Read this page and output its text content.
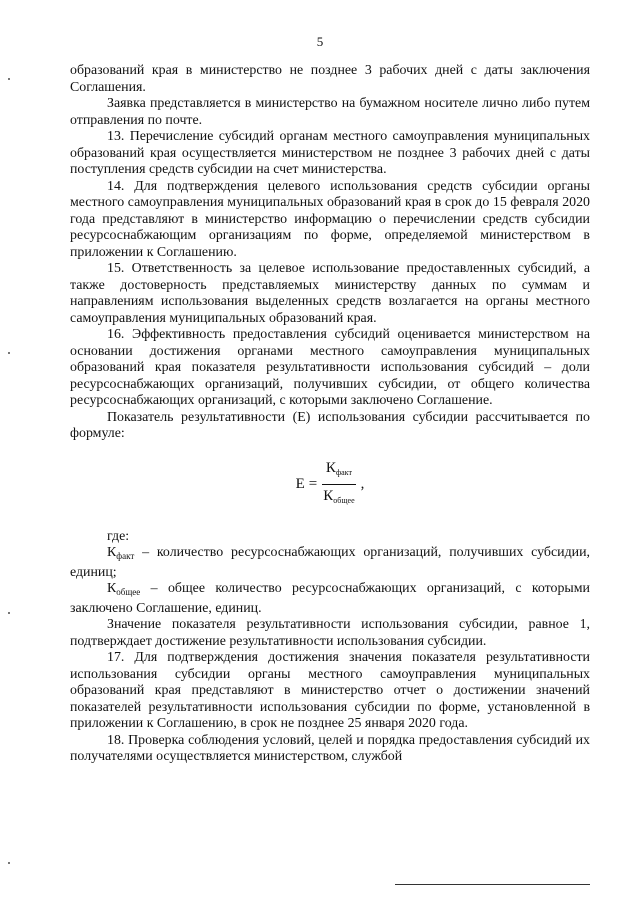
5

образований края в министерство не позднее 3 рабочих дней с даты заключения Соглашения.

Заявка представляется в министерство на бумажном носителе лично либо путем отправления по почте.

13. Перечисление субсидий органам местного самоуправления муниципальных образований края осуществляется министерством не позднее 3 рабочих дней с даты поступления средств субсидии на счет министерства.

14. Для подтверждения целевого использования средств субсидии органы местного самоуправления муниципальных образований края в срок до 15 февраля 2020 года представляют в министерство информацию о перечислении средств субсидии ресурсоснабжающим организациям по форме, определяемой министерством в приложении к Соглашению.

15. Ответственность за целевое использование предоставленных субсидий, а также достоверность представляемых министерству данных по суммам и направлениям использования выделенных средств возлагается на органы местного самоуправления муниципальных образований края.

16. Эффективность предоставления субсидий оценивается министерством на основании достижения органами местного самоуправления муниципальных образований края показателя результативности использования субсидий – доли ресурсоснабжающих организаций, получивших субсидии, от общего количества ресурсоснабжающих организаций, с которыми заключено Соглашение.

Показатель результативности (Е) использования субсидии рассчитывается по формуле:

$Е = \frac{К_{факт}}{К_{общее}}$ ,

где:

$К_{факт}$ – количество ресурсоснабжающих организаций, получивших субсидии, единиц;

$К_{общее}$ – общее количество ресурсоснабжающих организаций, с которыми заключено Соглашение, единиц.

Значение показателя результативности использования субсидии, равное 1, подтверждает достижение результативности использования субсидии.

17. Для подтверждения достижения значения показателя результативности использования субсидии органы местного самоуправления муниципальных образований края представляют в министерство отчет о достижении значений показателей результативности использования субсидии по форме, установленной в приложении к Соглашению, в срок не позднее 25 января 2020 года.

18. Проверка соблюдения условий, целей и порядка предоставления субсидий их получателями осуществляется министерством, службой
